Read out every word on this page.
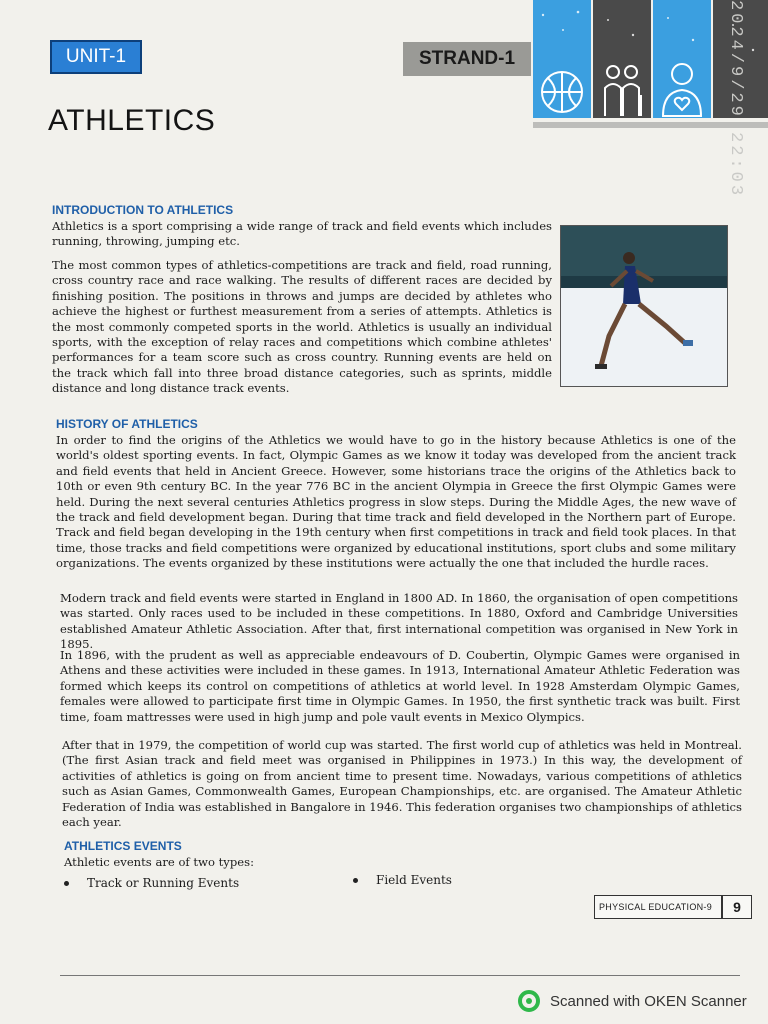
UNIT-1	STRAND-1
ATHLETICS	2024/9/29 22:03
INTRODUCTION TO ATHLETICS

Athletics is a sport comprising a wide range of track and field events which includes running, throwing, jumping etc.

The most common types of athletics-competitions are track and field, road running, cross country race and race walking. The results of different races are decided by finishing position. The positions in throws and jumps are decided by athletes who achieve the highest or furthest measurement from a series of attempts. Athletics is the most commonly competed sports in the world. Athletics is usually an individual sports, with the exception of relay races and competitions which combine athletes' performances for a team score such as cross country. Running events are held on the track which fall into three broad distance categories, such as sprints, middle distance and long distance track events.

HISTORY OF ATHLETICS

In order to find the origins of the Athletics we would have to go in the history because Athletics is one of the world's oldest sporting events. In fact, Olympic Games as we know it today was developed from the ancient track and field events that held in Ancient Greece. However, some historians trace the origins of the Athletics back to 10th or even 9th century BC. In the year 776 BC in the ancient Olympia in Greece the first Olympic Games were held. During the next several centuries Athletics progress in slow steps. During the Middle Ages, the new wave of the track and field development began. During that time track and field developed in the Northern part of Europe. Track and field began developing in the 19th century when first competitions in track and field took places. In that time, those tracks and field competitions were organized by educational institutions, sport clubs and some military organizations. The events organized by these institutions were actually the one that included the hurdle races.

Modern track and field events were started in England in 1800 AD. In 1860, the organisation of open competitions was started. Only races used to be included in these competitions. In 1880, Oxford and Cambridge Universities established Amateur Athletic Association. After that, first international competition was organised in New York in 1895.

In 1896, with the prudent as well as appreciable endeavours of D. Coubertin, Olympic Games were organised in Athens and these activities were included in these games. In 1913, International Amateur Athletic Federation was formed which keeps its control on competitions of athletics at world level. In 1928 Amsterdam Olympic Games, females were allowed to participate first time in Olympic Games. In 1950, the first synthetic track was built. First time, foam mattresses were used in high jump and pole vault events in Mexico Olympics.

After that in 1979, the competition of world cup was started. The first world cup of athletics was held in Montreal. (The first Asian track and field meet was organised in Philippines in 1973.) In this way, the development of activities of athletics is going on from ancient time to present time. Nowadays, various competitions of athletics such as Asian Games, Commonwealth Games, European Championships, etc. are organised. The Amateur Athletic Federation of India was established in Bangalore in 1946. This federation organises two championships of athletics each year.

ATHLETICS EVENTS

Athletic events are of two types:

Track or Running Events	Field Events
PHYSICAL EDUCATION-9	9
Scanned with OKEN Scanner
